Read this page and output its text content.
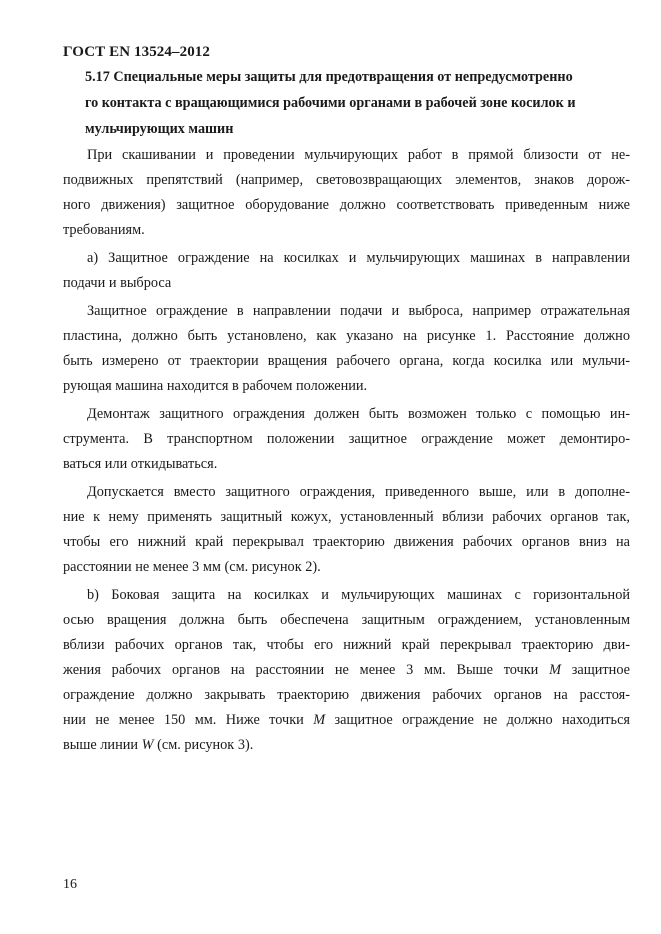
ГОСТ EN 13524–2012
5.17 Специальные меры защиты для предотвращения от непредусмотренно
го контакта с вращающимися рабочими органами в рабочей зоне косилок и
мульчирующих машин
При скашивании и проведении мульчирующих работ в прямой близости от не-
подвижных препятствий (например, световозвращающих элементов, знаков дорож-
ного движения) защитное оборудование должно соответствовать приведенным ниже
требованиям.
а) Защитное ограждение на косилках и мульчирующих машинах в направлении
подачи и выброса
Защитное ограждение в направлении подачи и выброса, например отражательная
пластина, должно быть установлено, как указано на рисунке 1. Расстояние должно
быть измерено от траектории вращения рабочего органа, когда косилка или мульчи-
рующая машина находится в рабочем положении.
Демонтаж защитного ограждения должен быть возможен только с помощью ин-
струмента. В транспортном положении защитное ограждение может демонтиро-
ваться или откидываться.
Допускается вместо защитного ограждения, приведенного выше, или в дополне-
ние к нему применять защитный кожух, установленный вблизи рабочих органов так,
чтобы его нижний край перекрывал траекторию движения рабочих органов вниз на
расстоянии не менее 3 мм (см. рисунок 2).
b) Боковая защита на косилках и мульчирующих машинах с горизонтальной
осью вращения должна быть обеспечена защитным ограждением, установленным
вблизи рабочих органов так, чтобы его нижний край перекрывал траекторию дви-
жения рабочих органов на расстоянии не менее 3 мм. Выше точки M защитное
ограждение должно закрывать траекторию движения рабочих органов на расстоя-
нии не менее 150 мм. Ниже точки M защитное ограждение не должно находиться
выше линии W (см. рисунок 3).
16
